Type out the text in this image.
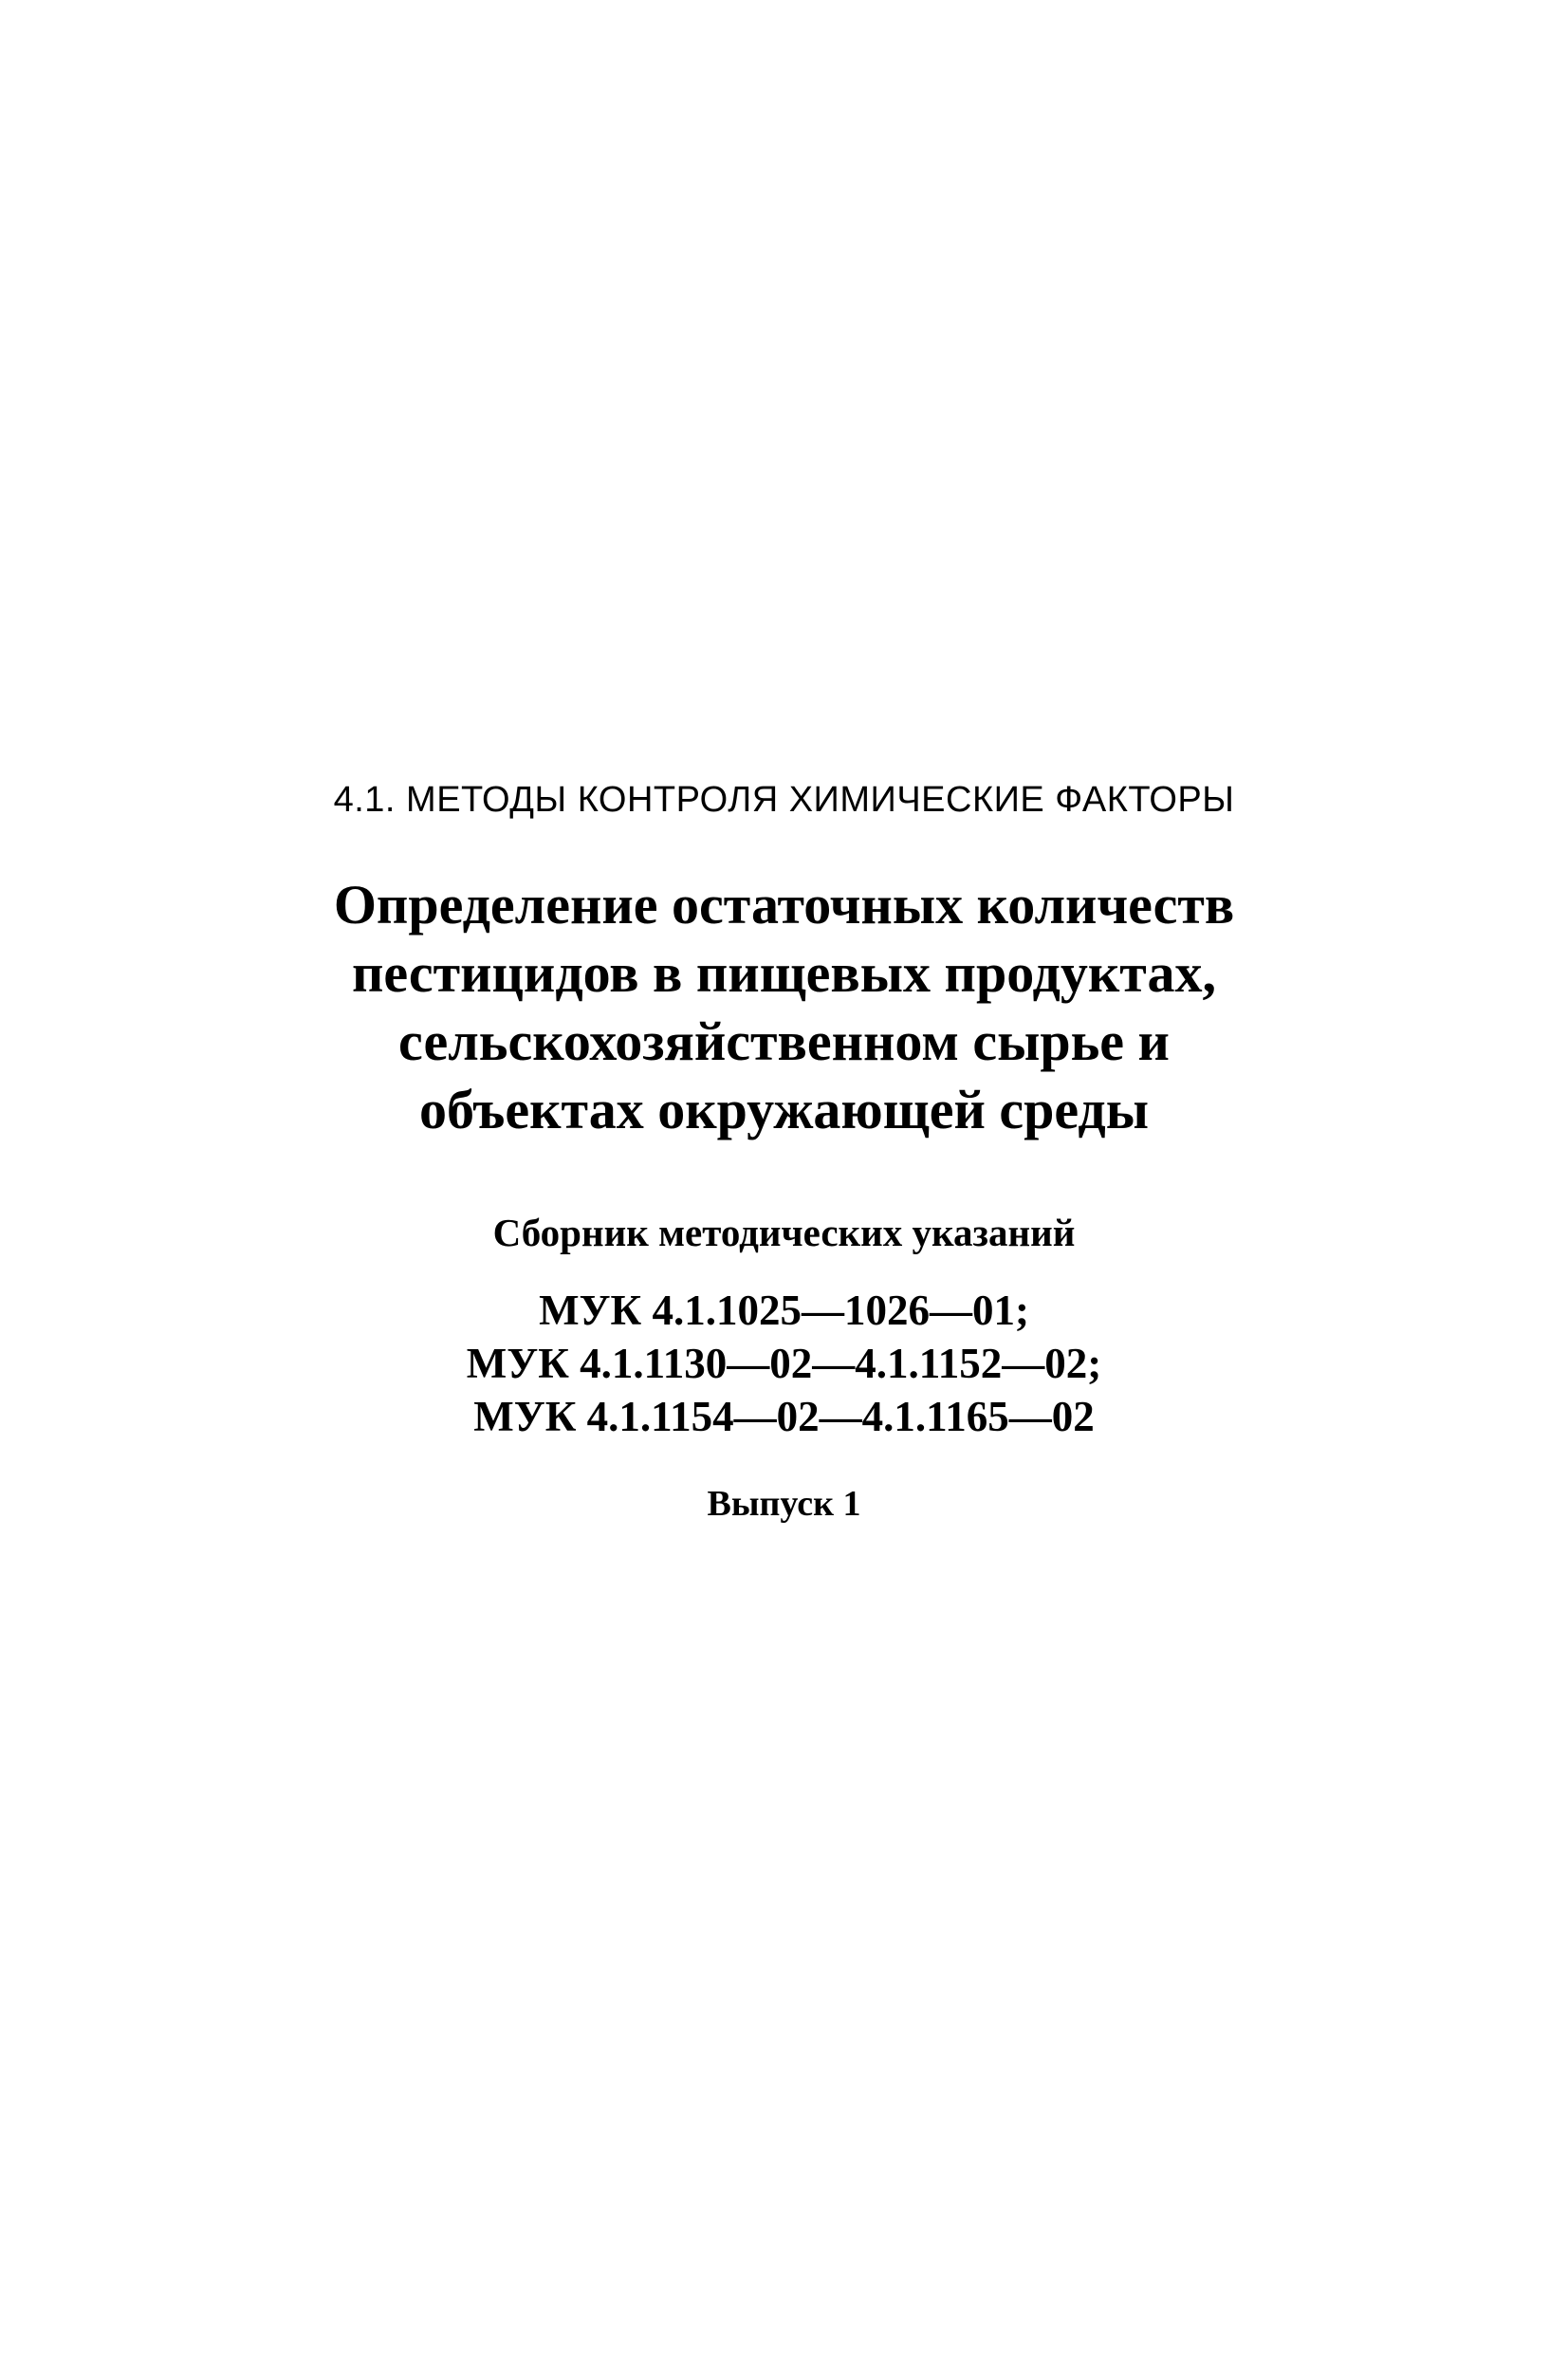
4.1. МЕТОДЫ КОНТРОЛЯ ХИМИЧЕСКИЕ ФАКТОРЫ
Определение остаточных количеств
пестицидов в пищевых продуктах,
сельскохозяйственном сырье и
объектах окружающей среды
Сборник методических указаний
МУК 4.1.1025—1026—01;
МУК 4.1.1130—02—4.1.1152—02;
МУК 4.1.1154—02—4.1.1165—02
Выпуск 1
